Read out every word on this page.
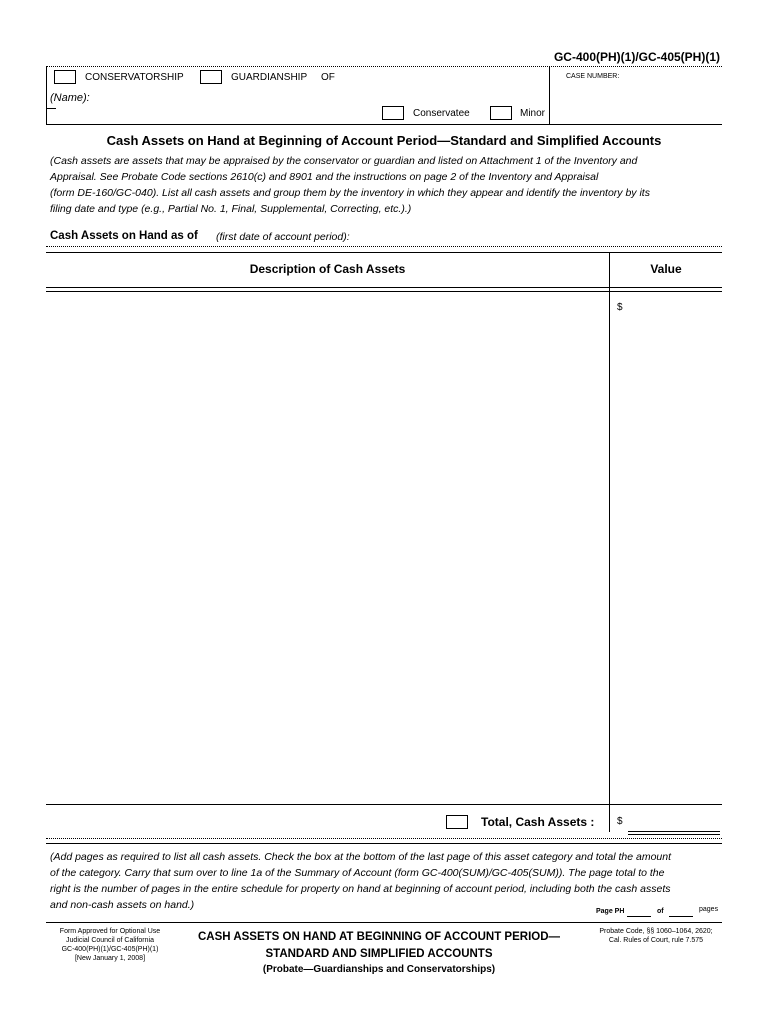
GC-400(PH)(1)/GC-405(PH)(1)
CONSERVATORSHIP	GUARDIANSHIP OF
(Name):
Conservatee	Minor
CASE NUMBER:
Cash Assets on Hand at Beginning of Account Period—Standard and Simplified Accounts
(Cash assets are assets that may be appraised by the conservator or guardian and listed on Attachment 1 of the Inventory and
Appraisal. See Probate Code sections 2610(c) and 8901 and the instructions on page 2 of the Inventory and Appraisal
(form DE-160/GC-040). List all cash assets and group them by the inventory in which they appear and identify the inventory by its
filing date and type (e.g., Partial No. 1, Final, Supplemental, Correcting, etc.).)
Cash Assets on Hand as of (first date of account period):
Description of Cash Assets	Value
$
Total, Cash Assets : $
(Add pages as required to list all cash assets. Check the box at the bottom of the last page of this asset category and total the amount
of the category. Carry that sum over to line 1a of the Summary of Account (form GC-400(SUM)/GC-405(SUM)). The page total to the
right is the number of pages in the entire schedule for property on hand at beginning of account period, including both the cash assets
and non-cash assets on hand.)
Page PH	of	pages
Form Approved for Optional Use
Judicial Council of California
GC-400(PH)(1)/GC-405(PH)(1)
[New January 1, 2008]
CASH ASSETS ON HAND AT BEGINNING OF ACCOUNT PERIOD—
STANDARD AND SIMPLIFIED ACCOUNTS
(Probate—Guardianships and Conservatorships)
Probate Code, §§ 1060–1064, 2620;
Cal. Rules of Court, rule 7.575
